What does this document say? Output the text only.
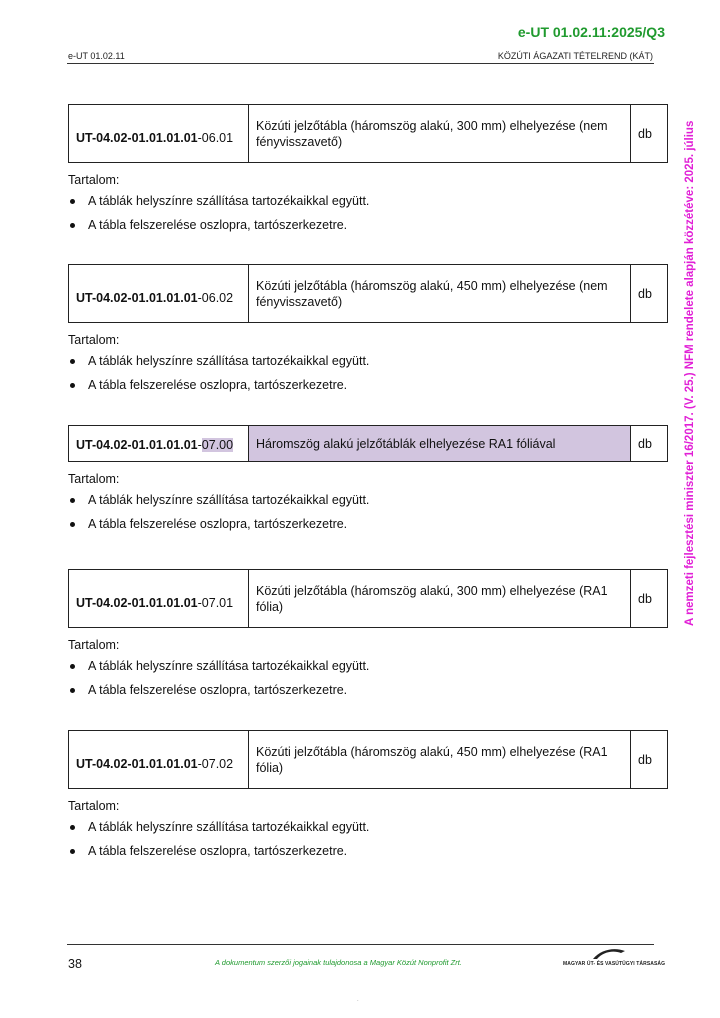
e-UT 01.02.11:2025/Q3
e-UT 01.02.11	KÖZÚTI ÁGAZATI TÉTELREND (KÁT)
A nemzeti fejlesztési miniszter 16/2017. (V. 25.) NFM rendelete alapján közzétéve: 2025. július
UT-04.02-01.01.01.01-06.01	Közúti jelzőtábla (háromszög alakú, 300 mm) elhelyezése (nem fényvisszavető)	db
Tartalom:
A táblák helyszínre szállítása tartozékaikkal együtt.
A tábla felszerelése oszlopra, tartószerkezetre.
UT-04.02-01.01.01.01-06.02	Közúti jelzőtábla (háromszög alakú, 450 mm) elhelyezése (nem fényvisszavető)	db
Tartalom:
A táblák helyszínre szállítása tartozékaikkal együtt.
A tábla felszerelése oszlopra, tartószerkezetre.
UT-04.02-01.01.01.01-07.00	Háromszög alakú jelzőtáblák elhelyezése RA1 fóliával	db
Tartalom:
A táblák helyszínre szállítása tartozékaikkal együtt.
A tábla felszerelése oszlopra, tartószerkezetre.
UT-04.02-01.01.01.01-07.01	Közúti jelzőtábla (háromszög alakú, 300 mm) elhelyezése (RA1 fólia)	db
Tartalom:
A táblák helyszínre szállítása tartozékaikkal együtt.
A tábla felszerelése oszlopra, tartószerkezetre.
UT-04.02-01.01.01.01-07.02	Közúti jelzőtábla (háromszög alakú, 450 mm) elhelyezése (RA1 fólia)	db
Tartalom:
A táblák helyszínre szállítása tartozékaikkal együtt.
A tábla felszerelése oszlopra, tartószerkezetre.
38	A dokumentum szerzői jogainak tulajdonosa a Magyar Közút Nonprofit Zrt.	MAGYAR ÚT- ÉS VASÚTÜGYI TÁRSASÁG
.
